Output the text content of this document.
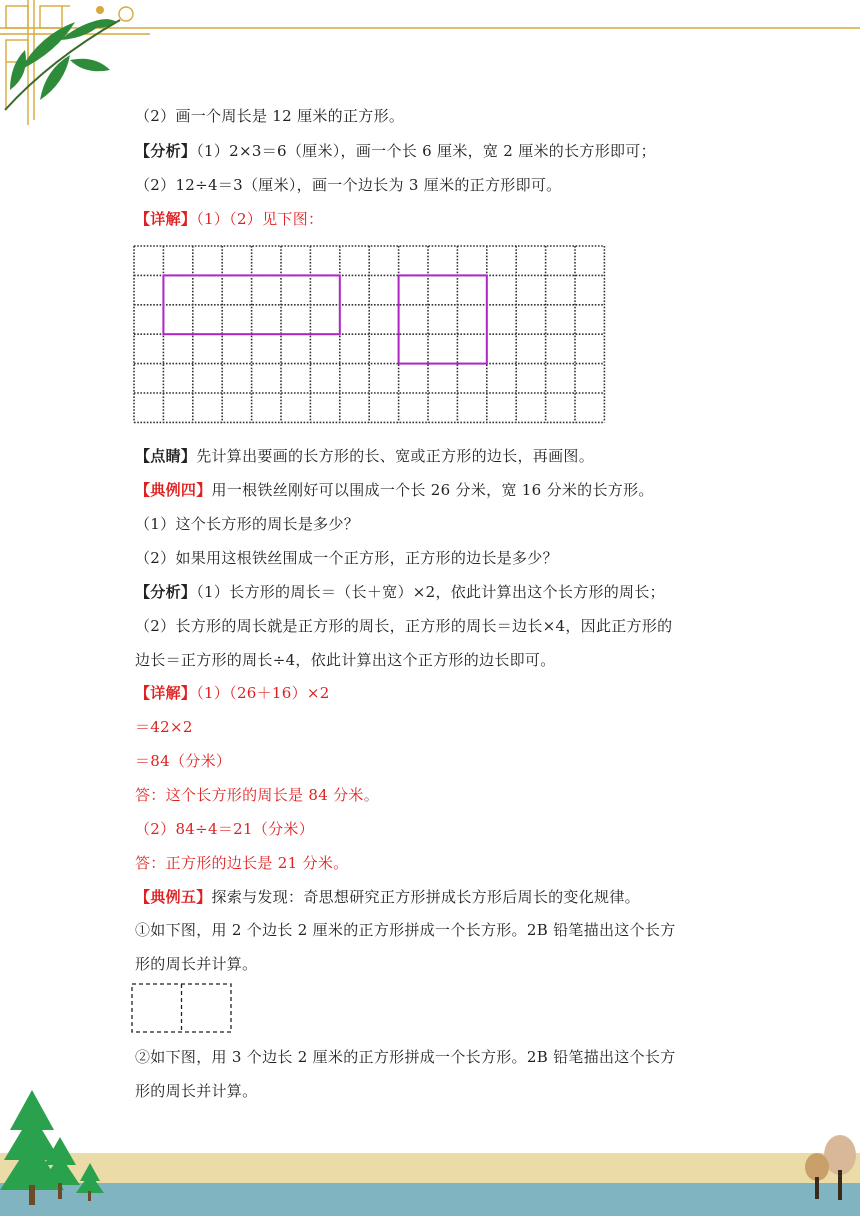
（2）画一个周长是 12 厘米的正方形。
【分析】（1）2×3＝6（厘米），画一个长 6 厘米，宽 2 厘米的长方形即可；
（2）12÷4＝3（厘米），画一个边长为 3 厘米的正方形即可。
【详解】（1）（2）见下图：
【点睛】先计算出要画的长方形的长、宽或正方形的边长，再画图。
【典例四】用一根铁丝刚好可以围成一个长 26 分米，宽 16 分米的长方形。
（1）这个长方形的周长是多少？
（2）如果用这根铁丝围成一个正方形，正方形的边长是多少？
【分析】（1）长方形的周长＝（长＋宽）×2，依此计算出这个长方形的周长；
（2）长方形的周长就是正方形的周长，正方形的周长＝边长×4，因此正方形的
边长＝正方形的周长÷4，依此计算出这个正方形的边长即可。
【详解】（1）（26＋16）×2
＝42×2
＝84（分米）
答：这个长方形的周长是 84 分米。
（2）84÷4＝21（分米）
答：正方形的边长是 21 分米。
【典例五】探索与发现：奇思想研究正方形拼成长方形后周长的变化规律。
①如下图，用 2 个边长 2 厘米的正方形拼成一个长方形。2B 铅笔描出这个长方
形的周长并计算。
②如下图，用 3 个边长 2 厘米的正方形拼成一个长方形。2B 铅笔描出这个长方
形的周长并计算。
